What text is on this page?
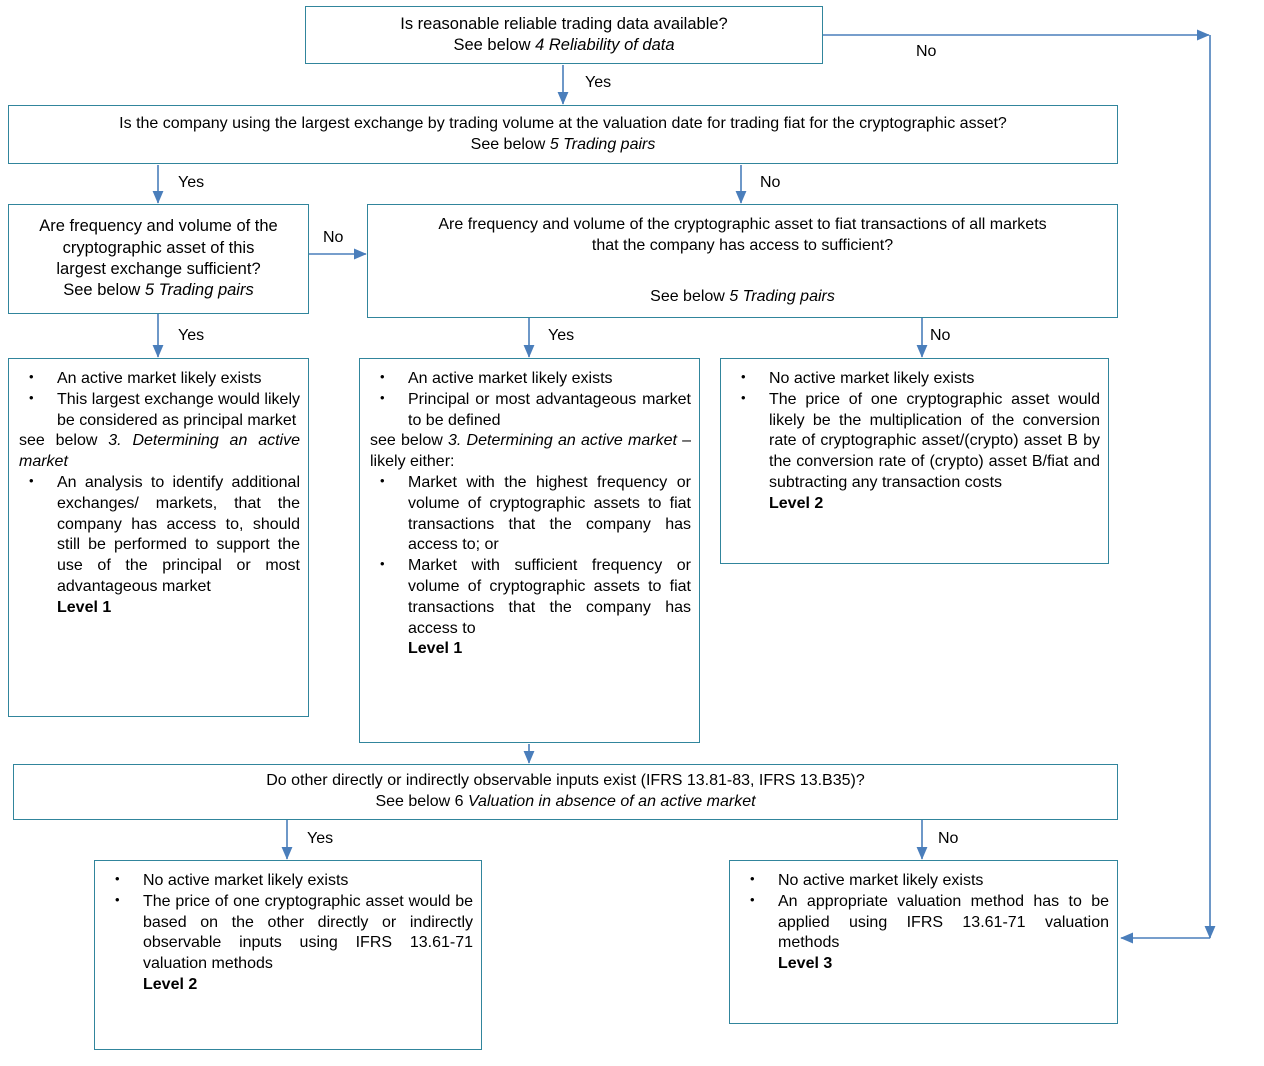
Is reasonable reliable trading data available?
See below 4 Reliability of data
Is the company using the largest exchange by trading volume at the valuation date for trading fiat for the cryptographic asset?
See below 5 Trading pairs
Are frequency and volume of the
cryptographic asset of this
largest exchange sufficient?
See below 5 Trading pairs
Are frequency and volume of the cryptographic asset to fiat transactions of all markets
that the company has access to sufficient?
See below 5 Trading pairs
• An active market likely exists
• This largest exchange would likely be considered as principal market
see below 3. Determining an active market
• An analysis to identify additional exchanges/ markets, that the company has access to, should still be performed to support the use of the principal or most advantageous market
Level 1
• An active market likely exists
• Principal or most advantageous market to be defined
see below 3. Determining an active market – likely either:
• Market with the highest frequency or volume of cryptographic assets to fiat transactions that the company has access to; or
• Market with sufficient frequency or volume of cryptographic assets to fiat transactions that the company has access to
Level 1
• No active market likely exists
• The price of one cryptographic asset would likely be the multiplication of the conversion rate of cryptographic asset/(crypto) asset B by the conversion rate of (crypto) asset B/fiat and subtracting any transaction costs
Level 2
Do other directly or indirectly observable inputs exist (IFRS 13.81-83, IFRS 13.B35)?
See below 6 Valuation in absence of an active market
• No active market likely exists
• The price of one cryptographic asset would be based on the other directly or indirectly observable inputs using IFRS 13.61-71 valuation methods
Level 2
• No active market likely exists
• An appropriate valuation method has to be applied using IFRS 13.61-71 valuation methods
Level 3
No
Yes
Yes	No
No
Yes	Yes	No
Yes	No
